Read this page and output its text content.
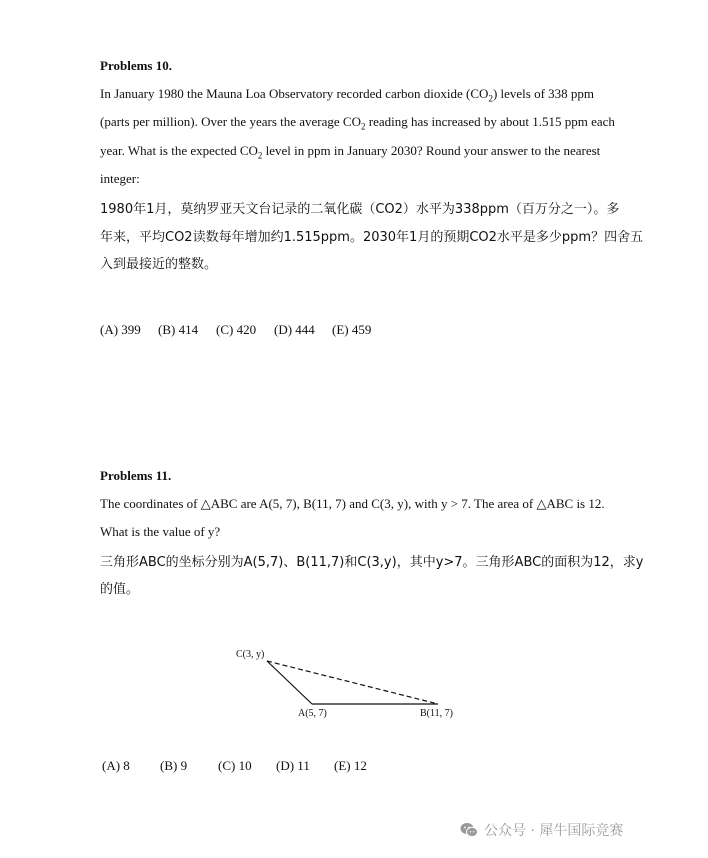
Problems 10.
In January 1980 the Mauna Loa Observatory recorded carbon dioxide $(CO_2)$ levels of 338 ppm
(parts per million). Over the years the average $CO_2$ reading has increased by about 1.515 ppm each
year. What is the expected $CO_2$ level in ppm in January 2030? Round your answer to the nearest
integer:
1980年1月，莫纳罗亚天文台记录的二氧化碳（CO2）水平为338ppm（百万分之一）。多
年来，平均CO2读数每年增加约1.515ppm。2030年1月的预期CO2水平是多少ppm？四舍五
入到最接近的整数。
(A) 399 (B) 414 (C) 420 (D) 444 (E) 459
Problems 11.
The coordinates of △ABC are A(5, 7), B(11, 7) and C(3, y), with y > 7. The area of △ABC is 12.
What is the value of y?
三角形ABC的坐标分别为A(5,7)、B(11,7)和C(3,y)，其中y>7。三角形ABC的面积为12，求y
的值。
C(3, y)
A(5, 7)	B(11, 7)
(A) 8 (B) 9 (C) 10 (D) 11 (E) 12
公众号 · 犀牛国际竞赛
